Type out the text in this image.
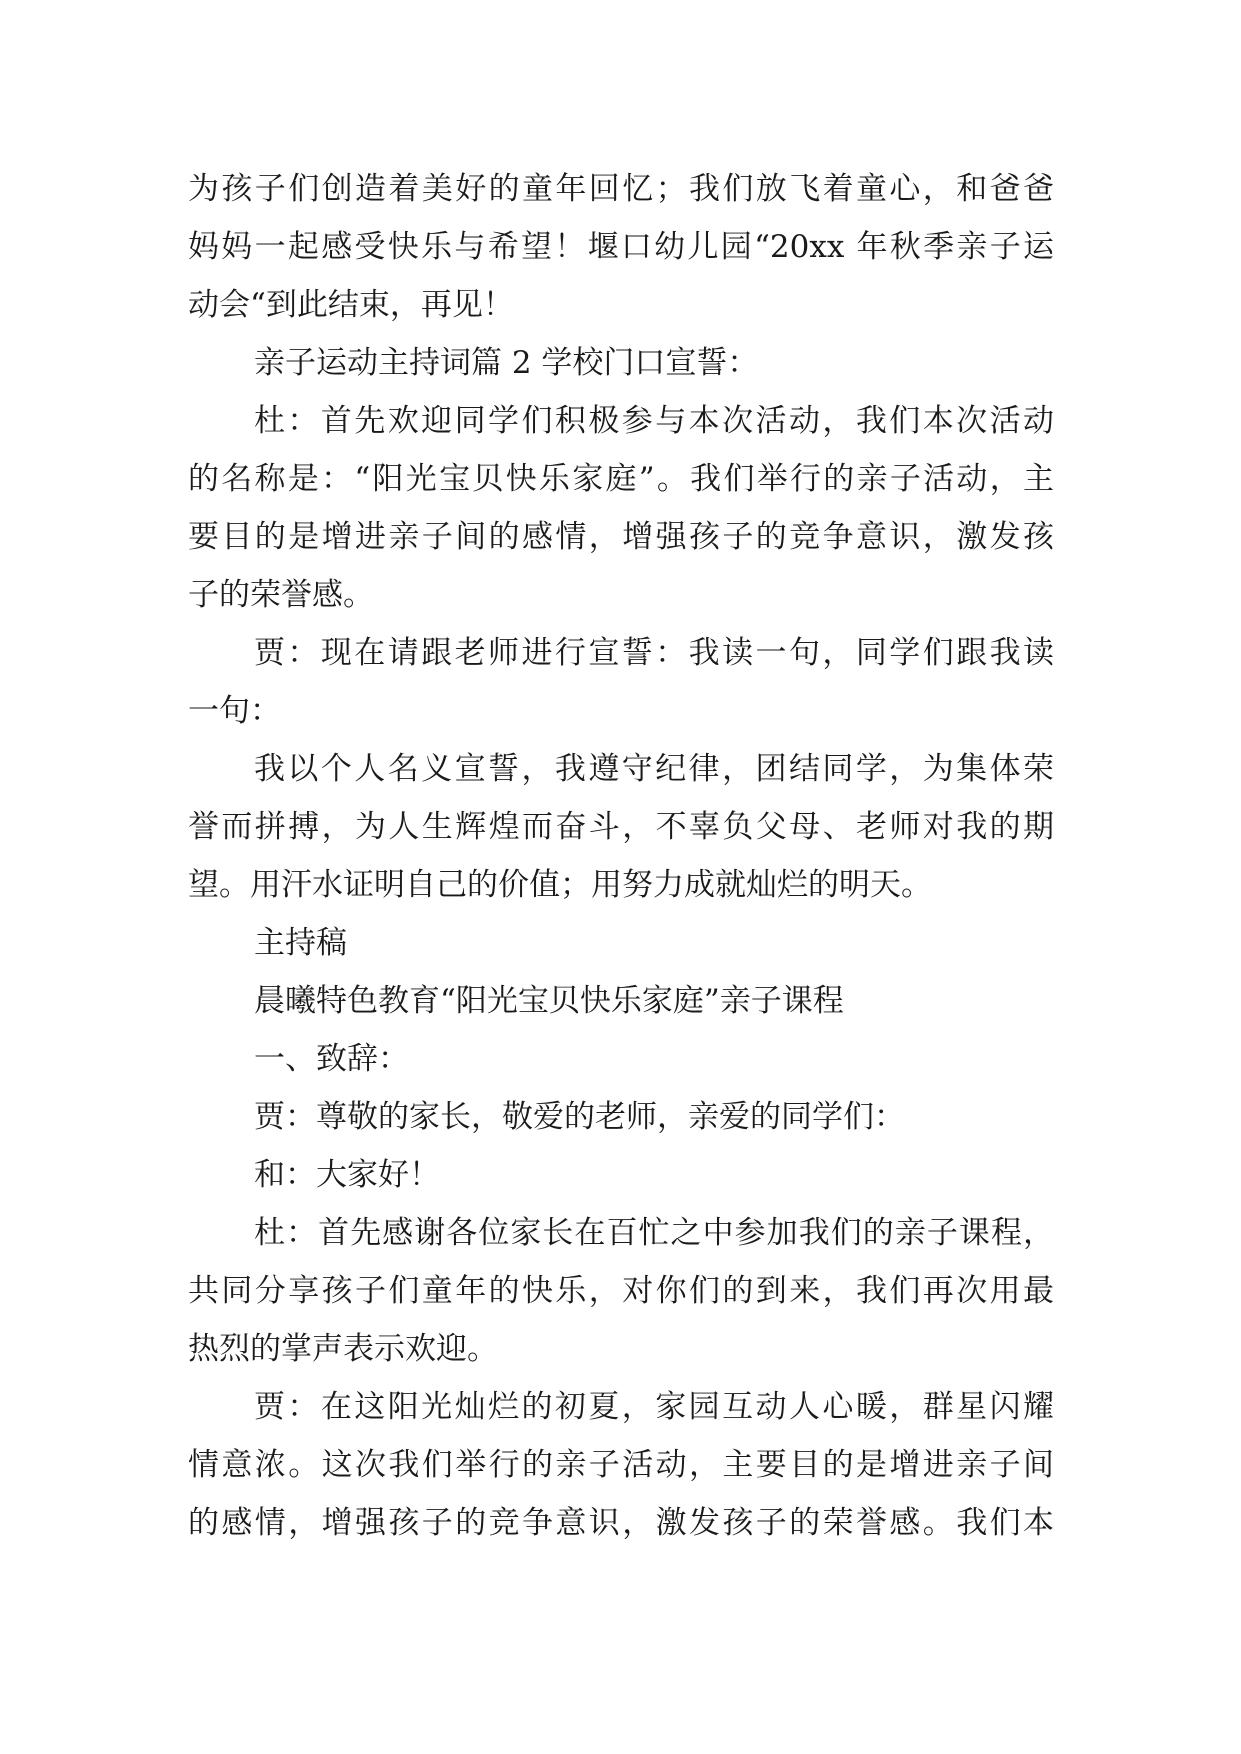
为孩子们创造着美好的童年回忆；我们放飞着童心，和爸爸
妈妈一起感受快乐与希望！堰口幼儿园“20xx 年秋季亲子运
动会“到此结束，再见！
亲子运动主持词篇 2 学校门口宣誓：
杜：首先欢迎同学们积极参与本次活动，我们本次活动
的名称是：“阳光宝贝快乐家庭”。我们举行的亲子活动，主
要目的是增进亲子间的感情，增强孩子的竞争意识，激发孩
子的荣誉感。
贾：现在请跟老师进行宣誓：我读一句，同学们跟我读
一句：
我以个人名义宣誓，我遵守纪律，团结同学，为集体荣
誉而拼搏，为人生辉煌而奋斗，不辜负父母、老师对我的期
望。用汗水证明自己的价值；用努力成就灿烂的明天。
主持稿
晨曦特色教育“阳光宝贝快乐家庭”亲子课程
一、致辞：
贾：尊敬的家长，敬爱的老师，亲爱的同学们：
和：大家好！
杜：首先感谢各位家长在百忙之中参加我们的亲子课程，
共同分享孩子们童年的快乐，对你们的到来，我们再次用最
热烈的掌声表示欢迎。
贾：在这阳光灿烂的初夏，家园互动人心暖，群星闪耀
情意浓。这次我们举行的亲子活动，主要目的是增进亲子间
的感情，增强孩子的竞争意识，激发孩子的荣誉感。我们本
